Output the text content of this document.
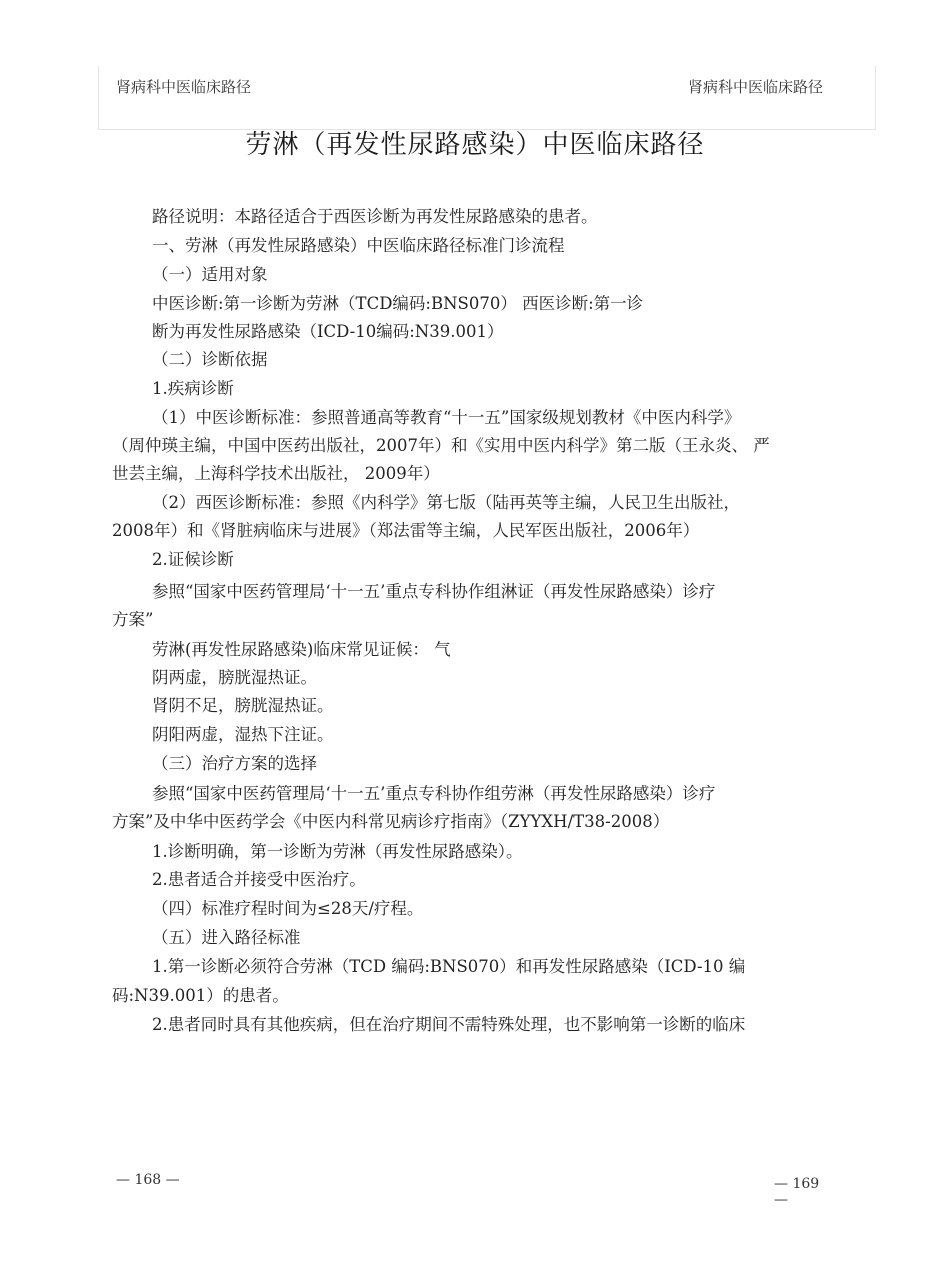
肾病科中医临床路径	肾病科中医临床路径
劳淋（再发性尿路感染）中医临床路径
路径说明：本路径适合于西医诊断为再发性尿路感染的患者。
一、劳淋（再发性尿路感染）中医临床路径标准门诊流程
（一）适用对象
中医诊断:第一诊断为劳淋（TCD编码:BNS070） 西医诊断:第一诊
断为再发性尿路感染（ICD-10编码:N39.001）
（二）诊断依据
1.疾病诊断
（1）中医诊断标准：参照普通高等教育“十一五”国家级规划教材《中医内科学》
（周仲瑛主编，中国中医药出版社，2007年）和《实用中医内科学》第二版（王永炎、 严
世芸主编，上海科学技术出版社， 2009年）
（2）西医诊断标准：参照《内科学》第七版（陆再英等主编，人民卫生出版社，
2008年）和《肾脏病临床与进展》（郑法雷等主编，人民军医出版社，2006年）
2.证候诊断
参照“国家中医药管理局‘十一五’重点专科协作组淋证（再发性尿路感染）诊疗
方案”
劳淋(再发性尿路感染)临床常见证候： 气
阴两虚，膀胱湿热证。
肾阴不足，膀胱湿热证。
阴阳两虚，湿热下注证。
（三）治疗方案的选择
参照“国家中医药管理局‘十一五’重点专科协作组劳淋（再发性尿路感染）诊疗
方案”及中华中医药学会《中医内科常见病诊疗指南》（ZYYXH/T38-2008）
1.诊断明确，第一诊断为劳淋（再发性尿路感染）。
2.患者适合并接受中医治疗。
（四）标准疗程时间为≤28天/疗程。
（五）进入路径标准
1.第一诊断必须符合劳淋（TCD 编码:BNS070）和再发性尿路感染（ICD-10 编
码:N39.001）的患者。
2.患者同时具有其他疾病，但在治疗期间不需特殊处理，也不影响第一诊断的临床
— 168 —	— 169
—
